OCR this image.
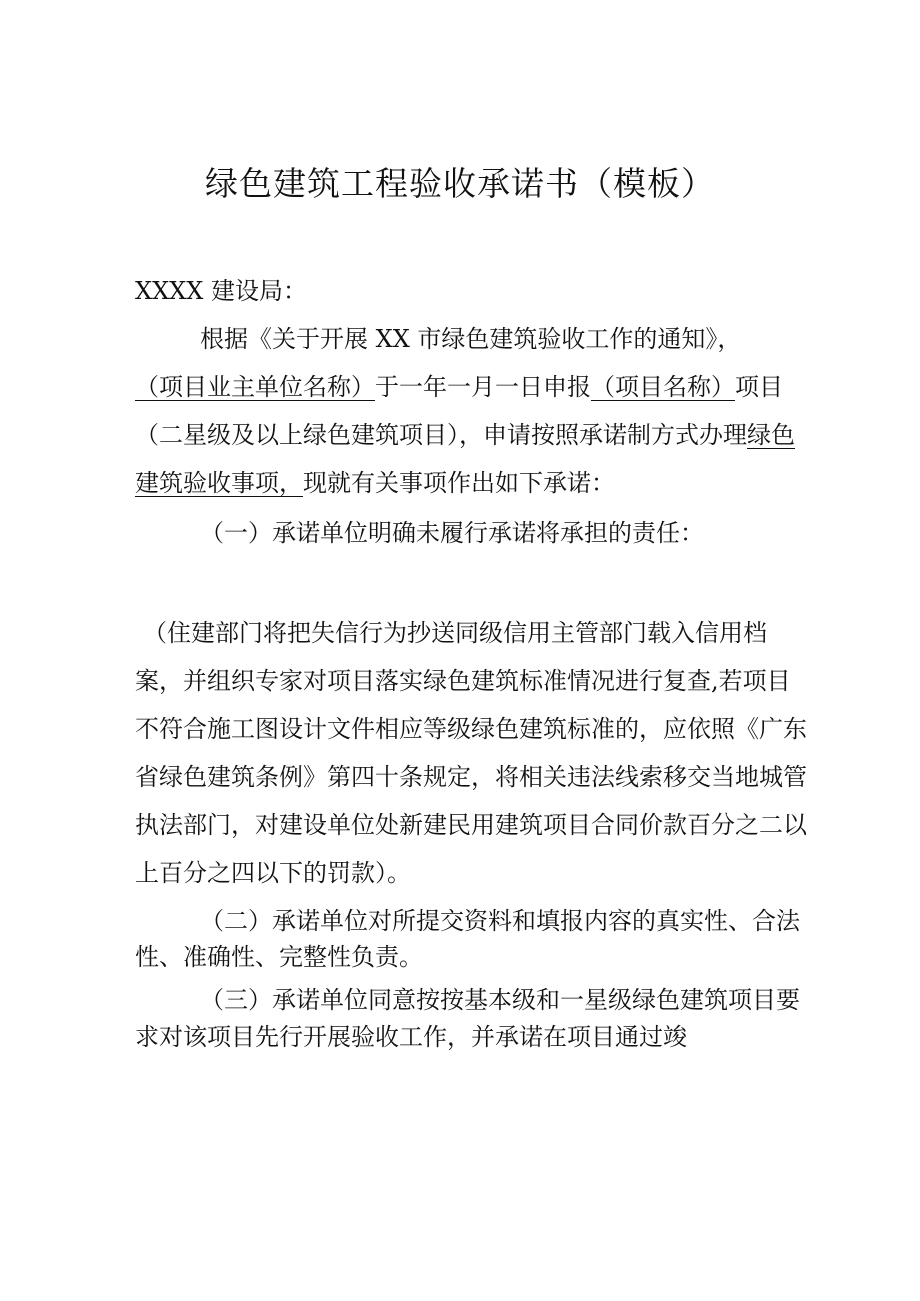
绿色建筑工程验收承诺书（模板）
XXXX 建设局：
根据《关于开展 XX 市绿色建筑验收工作的通知》，
（项目业主单位名称）于一年一月一日申报（项目名称）项目
（二星级及以上绿色建筑项目），申请按照承诺制方式办理绿色
建筑验收事项，现就有关事项作出如下承诺：
（一）承诺单位明确未履行承诺将承担的责任：
（住建部门将把失信行为抄送同级信用主管部门载入信用档
案，并组织专家对项目落实绿色建筑标准情况进行复查,若项目
不符合施工图设计文件相应等级绿色建筑标准的，应依照《广东
省绿色建筑条例》第四十条规定，将相关违法线索移交当地城管
执法部门，对建设单位处新建民用建筑项目合同价款百分之二以
上百分之四以下的罚款）。
（二）承诺单位对所提交资料和填报内容的真实性、合法
性、准确性、完整性负责。
（三）承诺单位同意按按基本级和一星级绿色建筑项目要
求对该项目先行开展验收工作，并承诺在项目通过竣
